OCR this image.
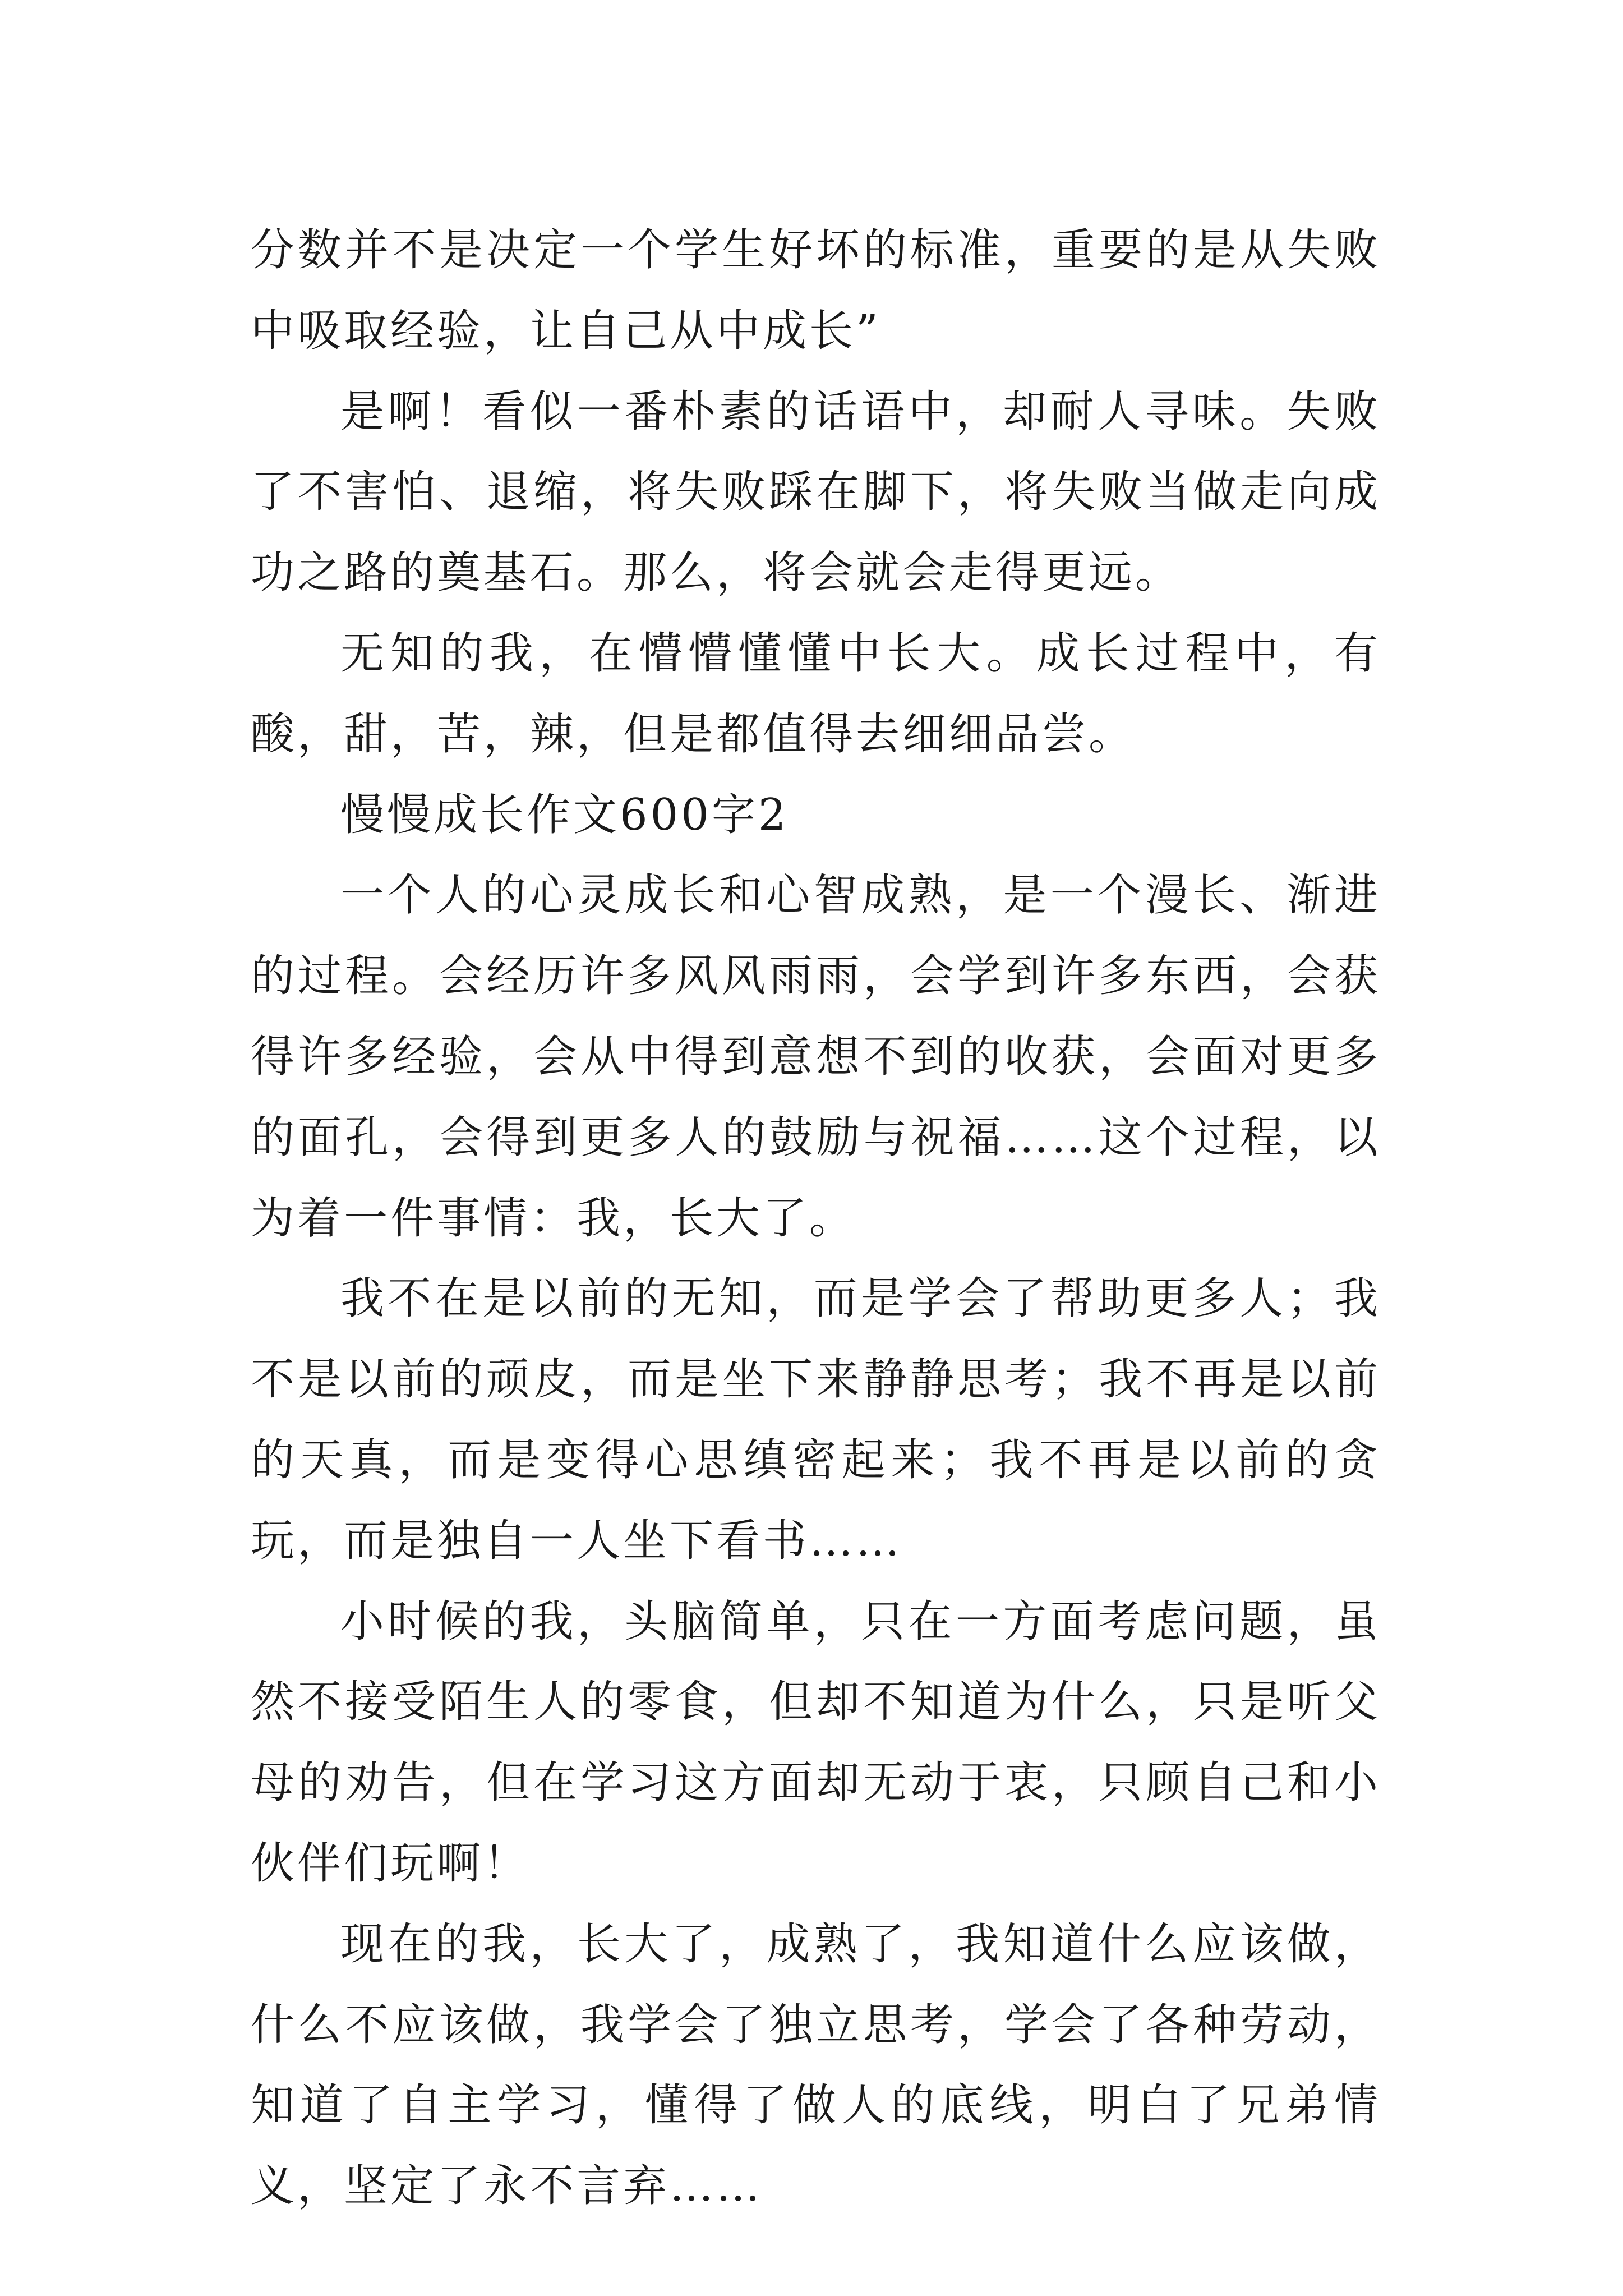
分数并不是决定一个学生好坏的标准，重要的是从失败中吸取经验，让自己从中成长”

是啊！看似一番朴素的话语中，却耐人寻味。失败了不害怕、退缩，将失败踩在脚下，将失败当做走向成功之路的奠基石。那么，将会就会走得更远。

无知的我，在懵懵懂懂中长大。成长过程中，有酸，甜，苦，辣，但是都值得去细细品尝。

慢慢成长作文600字2

一个人的心灵成长和心智成熟，是一个漫长、渐进的过程。会经历许多风风雨雨，会学到许多东西，会获得许多经验，会从中得到意想不到的收获，会面对更多的面孔，会得到更多人的鼓励与祝福……这个过程，以为着一件事情：我，长大了。

我不在是以前的无知，而是学会了帮助更多人；我不是以前的顽皮，而是坐下来静静思考；我不再是以前的天真，而是变得心思缜密起来；我不再是以前的贪玩，而是独自一人坐下看书……

小时候的我，头脑简单，只在一方面考虑问题，虽然不接受陌生人的零食，但却不知道为什么，只是听父母的劝告，但在学习这方面却无动于衷，只顾自己和小伙伴们玩啊！

现在的我，长大了，成熟了，我知道什么应该做，什么不应该做，我学会了独立思考，学会了各种劳动，知道了自主学习，懂得了做人的底线，明白了兄弟情义，坚定了永不言弃……
